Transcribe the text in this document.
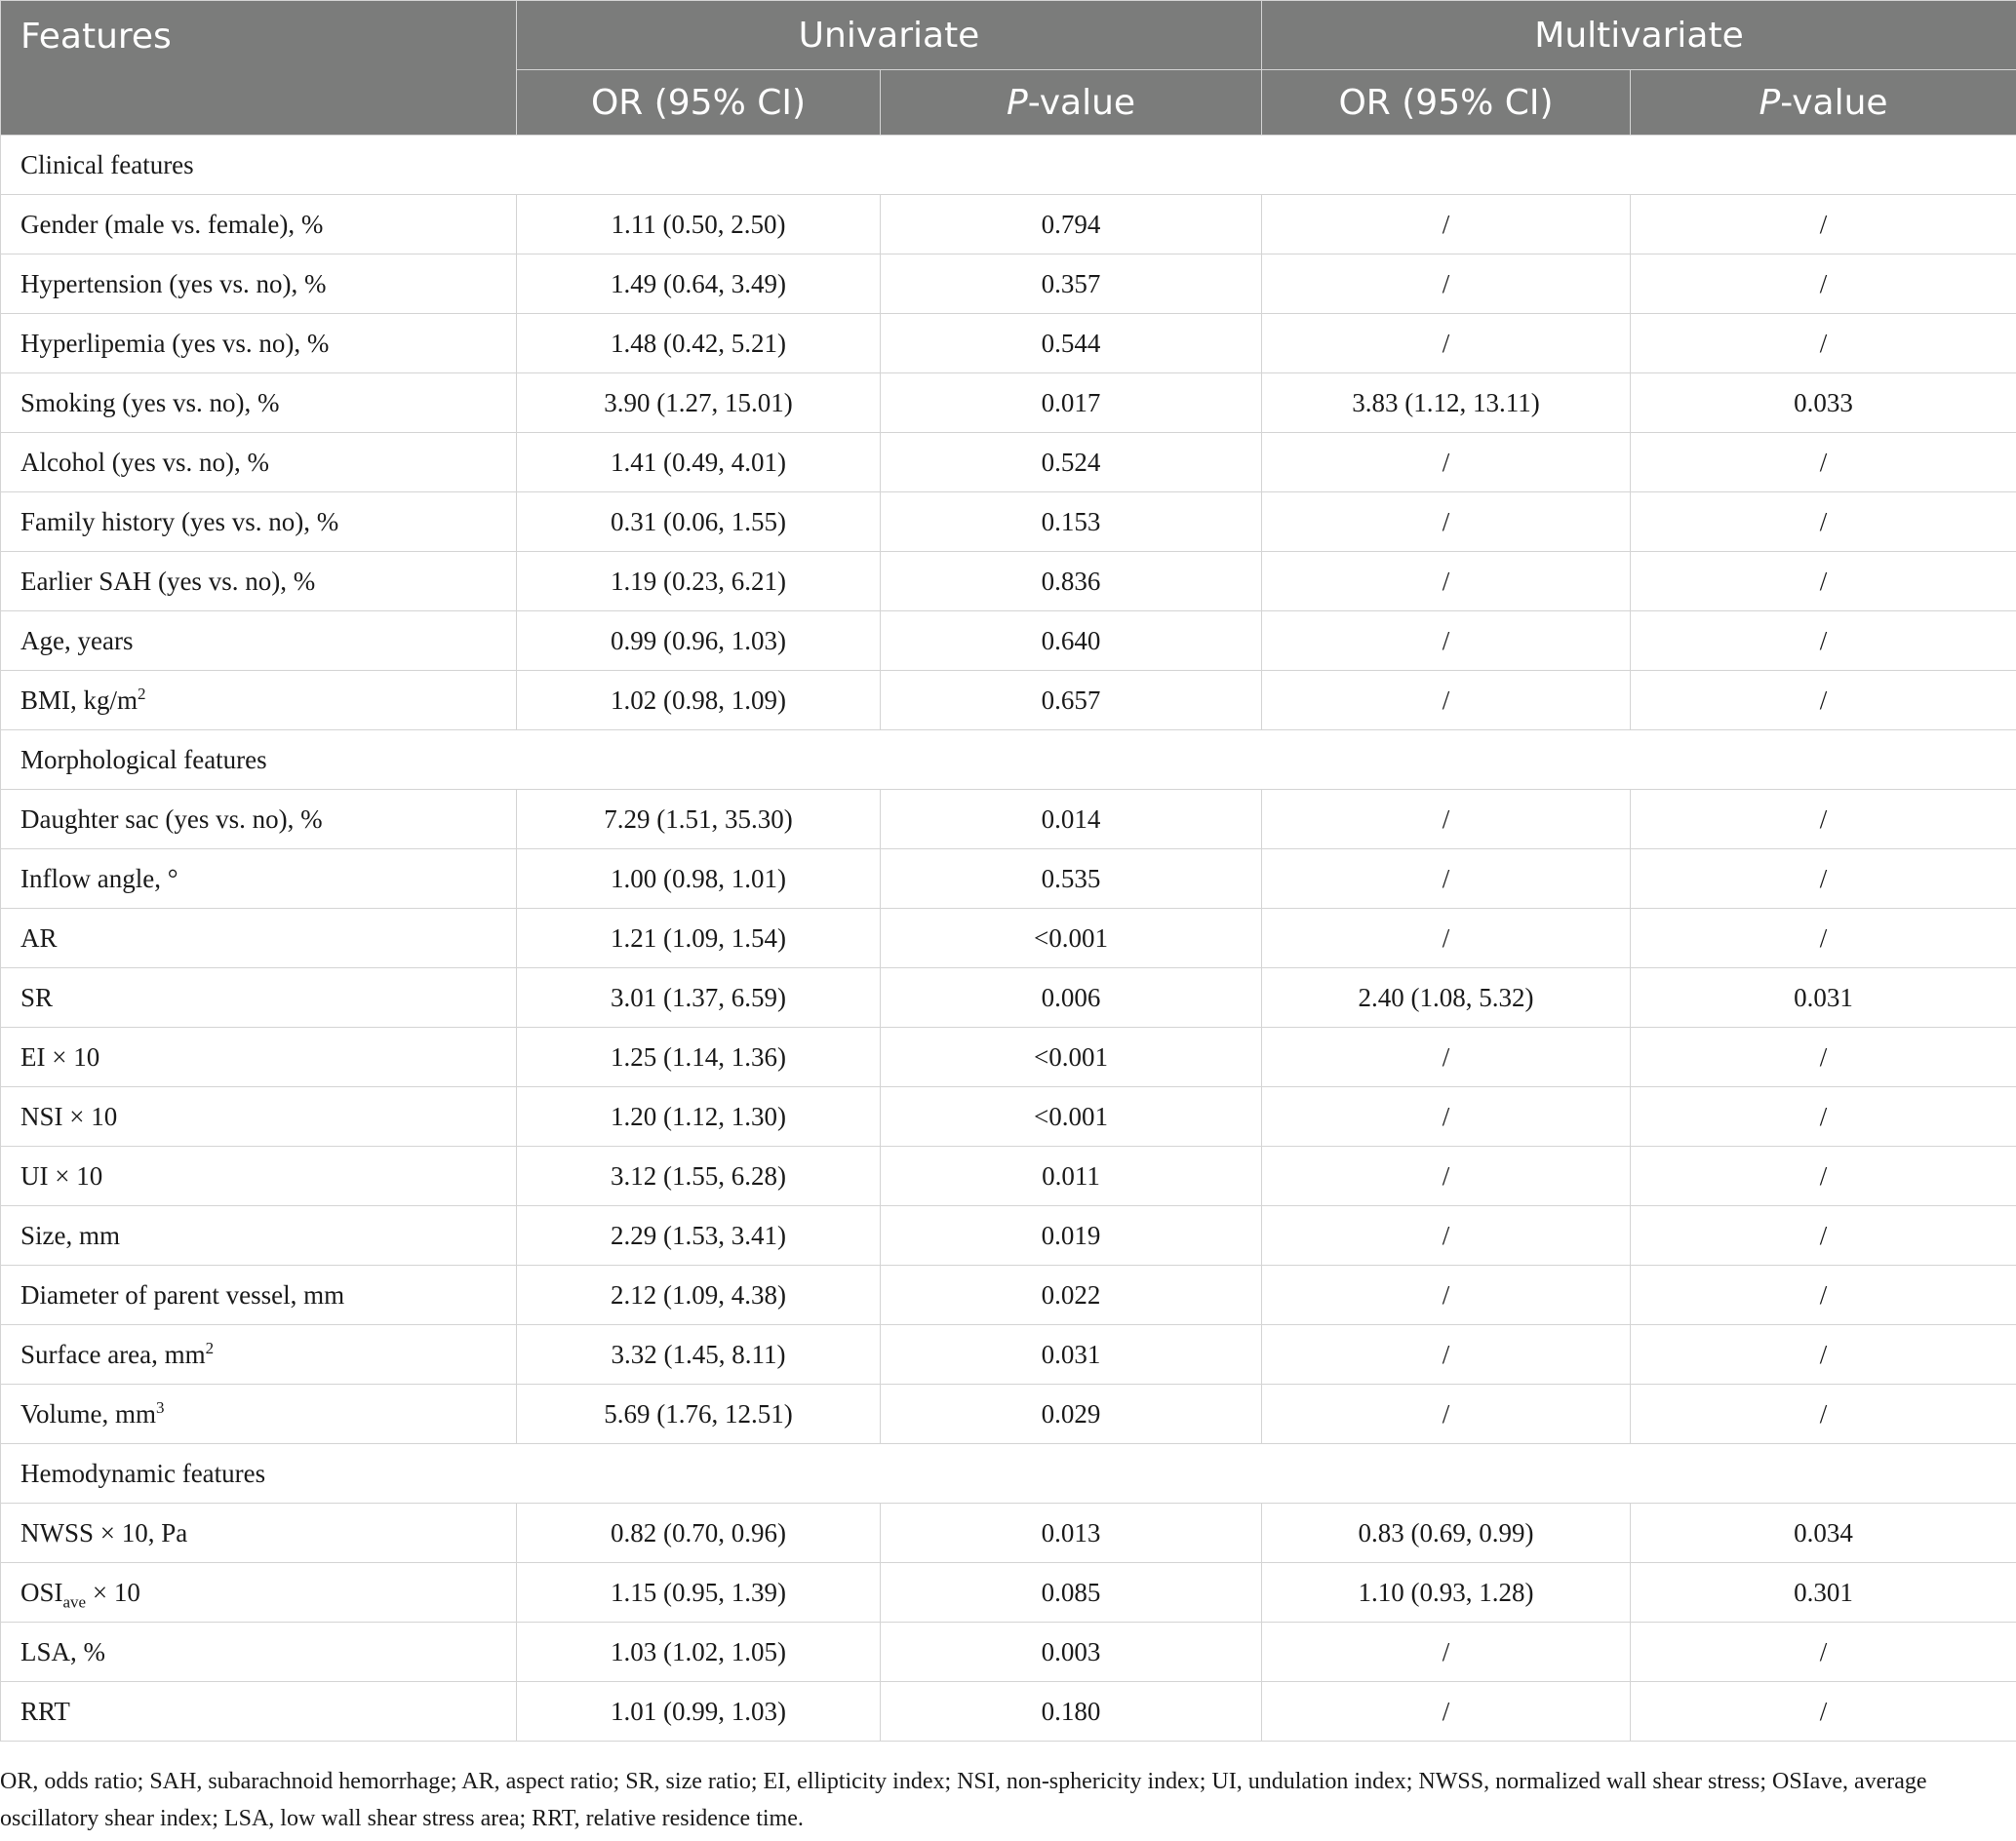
Features	Univariate		Multivariate	
	OR (95% CI)	P-value	OR (95% CI)	P-value
Clinical features				
Gender (male vs. female), %	1.11 (0.50, 2.50)	0.794	/	/
Hypertension (yes vs. no), %	1.49 (0.64, 3.49)	0.357	/	/
Hyperlipemia (yes vs. no), %	1.48 (0.42, 5.21)	0.544	/	/
Smoking (yes vs. no), %	3.90 (1.27, 15.01)	0.017	3.83 (1.12, 13.11)	0.033
Alcohol (yes vs. no), %	1.41 (0.49, 4.01)	0.524	/	/
Family history (yes vs. no), %	0.31 (0.06, 1.55)	0.153	/	/
Earlier SAH (yes vs. no), %	1.19 (0.23, 6.21)	0.836	/	/
Age, years	0.99 (0.96, 1.03)	0.640	/	/
BMI, $kg/m^2$	1.02 (0.98, 1.09)	0.657	/	/
Morphological features				
Daughter sac (yes vs. no), %	7.29 (1.51, 35.30)	0.014	/	/
Inflow angle, °	1.00 (0.98, 1.01)	0.535	/	/
AR	1.21 (1.09, 1.54)	<0.001	/	/
SR	3.01 (1.37, 6.59)	0.006	2.40 (1.08, 5.32)	0.031
EI × 10	1.25 (1.14, 1.36)	<0.001	/	/
NSI × 10	1.20 (1.12, 1.30)	<0.001	/	/
UI × 10	3.12 (1.55, 6.28)	0.011	/	/
Size, mm	2.29 (1.53, 3.41)	0.019	/	/
Diameter of parent vessel, mm	2.12 (1.09, 4.38)	0.022	/	/
Surface area, $mm^2$	3.32 (1.45, 8.11)	0.031	/	/
Volume, $mm^3$	5.69 (1.76, 12.51)	0.029	/	/
Hemodynamic features				
NWSS × 10, Pa	0.82 (0.70, 0.96)	0.013	0.83 (0.69, 0.99)	0.034
$OSI_{ave} \times 10$	1.15 (0.95, 1.39)	0.085	1.10 (0.93, 1.28)	0.301
LSA, %	1.03 (1.02, 1.05)	0.003	/	/
RRT	1.01 (0.99, 1.03)	0.180	/	/
OR, odds ratio; SAH, subarachnoid hemorrhage; AR, aspect ratio; SR, size ratio; EI, ellipticity index; NSI, non-sphericity index; UI, undulation index; NWSS, normalized wall shear stress; OSIave, average oscillatory shear index; LSA, low wall shear stress area; RRT, relative residence time.
